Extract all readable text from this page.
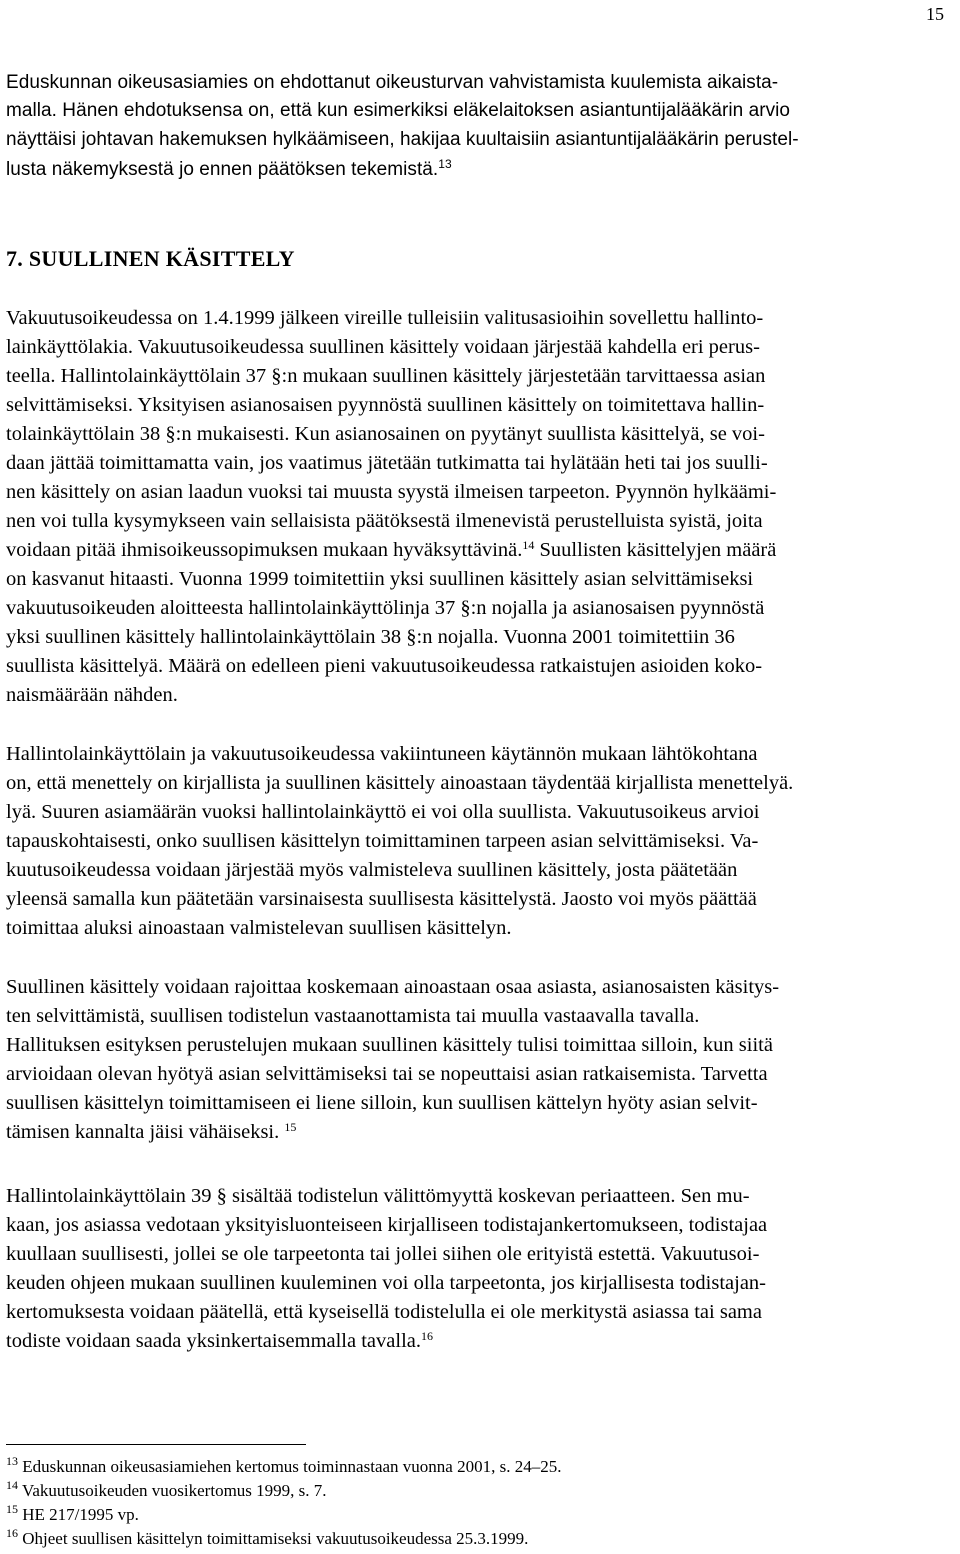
15
Eduskunnan oikeusasiamies on ehdottanut oikeusturvan vahvistamista kuulemista aikaista-
malla. Hänen ehdotuksensa on, että kun esimerkiksi eläkelaitoksen asiantuntijalääkärin arvio
näyttäisi johtavan hakemuksen hylkäämiseen, hakijaa kuultaisiin asiantuntijalääkärin perustel-
lusta näkemyksestä jo ennen päätöksen tekemistä.$^{13}$
7. SUULLINEN KÄSITTELY
Vakuutusoikeudessa on 1.4.1999 jälkeen vireille tulleisiin valitusasioihin sovellettu hallinto-
lainkäyttölakia. Vakuutusoikeudessa suullinen käsittely voidaan järjestää kahdella eri perus-
teella. Hallintolainkäyttölain 37 §:n mukaan suullinen käsittely järjestetään tarvittaessa asian
selvittämiseksi. Yksityisen asianosaisen pyynnöstä suullinen käsittely on toimitettava hallin-
tolainkäyttölain 38 §:n mukaisesti. Kun asianosainen on pyytänyt suullista käsittelyä, se voi-
daan jättää toimittamatta vain, jos vaatimus jätetään tutkimatta tai hylätään heti tai jos suulli-
nen käsittely on asian laadun vuoksi tai muusta syystä ilmeisen tarpeeton. Pyynnön hylkäämi-
nen voi tulla kysymykseen vain sellaisista päätöksestä ilmenevistä perustelluista syistä, joita
voidaan pitää ihmisoikeussopimuksen mukaan hyväksyttävinä.$^{14}$ Suullisten käsittelyjen määrä
on kasvanut hitaasti. Vuonna 1999 toimitettiin yksi suullinen käsittely asian selvittämiseksi
vakuutusoikeuden aloitteesta hallintolainkäyttölinja 37 §:n nojalla ja asianosaisen pyynnöstä
yksi suullinen käsittely hallintolainkäyttölain 38 §:n nojalla. Vuonna 2001 toimitettiin 36
suullista käsittelyä. Määrä on edelleen pieni vakuutusoikeudessa ratkaistujen asioiden koko-
naismäärään nähden.
Hallintolainkäyttölain ja vakuutusoikeudessa vakiintuneen käytännön mukaan lähtökohtana
on, että menettely on kirjallista ja suullinen käsittely ainoastaan täydentää kirjallista menettelyä.
lyä. Suuren asiamäärän vuoksi hallintolainkäyttö ei voi olla suullista. Vakuutusoikeus arvioi
tapauskohtaisesti, onko suullisen käsittelyn toimittaminen tarpeen asian selvittämiseksi. Va-
kuutusoikeudessa voidaan järjestää myös valmisteleva suullinen käsittely, josta päätetään
yleensä samalla kun päätetään varsinaisesta suullisesta käsittelystä. Jaosto voi myös päättää
toimittaa aluksi ainoastaan valmistelevan suullisen käsittelyn.
Suullinen käsittely voidaan rajoittaa koskemaan ainoastaan osaa asiasta, asianosaisten käsitys-
ten selvittämistä, suullisen todistelun vastaanottamista tai muulla vastaavalla tavalla.
Hallituksen esityksen perustelujen mukaan suullinen käsittely tulisi toimittaa silloin, kun siitä
arvioidaan olevan hyötyä asian selvittämiseksi tai se nopeuttaisi asian ratkaisemista. Tarvetta
suullisen käsittelyn toimittamiseen ei liene silloin, kun suullisen kättelyn hyöty asian selvit-
tämisen kannalta jäisi vähäiseksi. $^{15}$
Hallintolainkäyttölain 39 § sisältää todistelun välittömyyttä koskevan periaatteen. Sen mu-
kaan, jos asiassa vedotaan yksityisluonteiseen kirjalliseen todistajankertomukseen, todistajaa
kuullaan suullisesti, jollei se ole tarpeetonta tai jollei siihen ole erityistä estettä. Vakuutusoi-
keuden ohjeen mukaan suullinen kuuleminen voi olla tarpeetonta, jos kirjallisesta todistajan-
kertomuksesta voidaan päätellä, että kyseisellä todistelulla ei ole merkitystä asiassa tai sama
todiste voidaan saada yksinkertaisemmalla tavalla.$^{16}$
$^{13}$ Eduskunnan oikeusasiamiehen kertomus toiminnastaan vuonna 2001, s. 24–25.
$^{14}$ Vakuutusoikeuden vuosikertomus 1999, s. 7.
$^{15}$ HE 217/1995 vp.
$^{16}$ Ohjeet suullisen käsittelyn toimittamiseksi vakuutusoikeudessa 25.3.1999.
